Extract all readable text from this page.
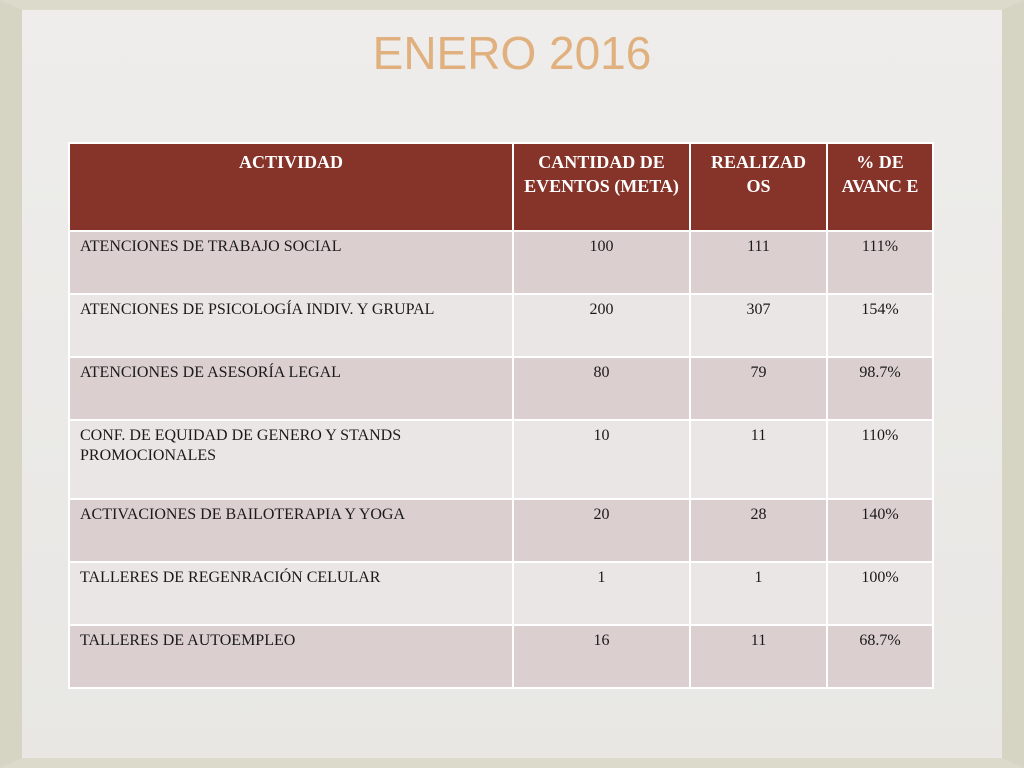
ENERO 2016
ACTIVIDAD	CANTIDAD DE EVENTOS (META)	REALIZAD OS	% DE AVANC E
ATENCIONES DE TRABAJO SOCIAL	100	111	111%
ATENCIONES DE PSICOLOGÍA INDIV. Y GRUPAL	200	307	154%
ATENCIONES DE ASESORÍA LEGAL	80	79	98.7%
CONF. DE EQUIDAD DE GENERO Y STANDS PROMOCIONALES	10	11	110%
ACTIVACIONES DE BAILOTERAPIA Y YOGA	20	28	140%
TALLERES DE REGENRACIÓN CELULAR	1	1	100%
TALLERES DE AUTOEMPLEO	16	11	68.7%
